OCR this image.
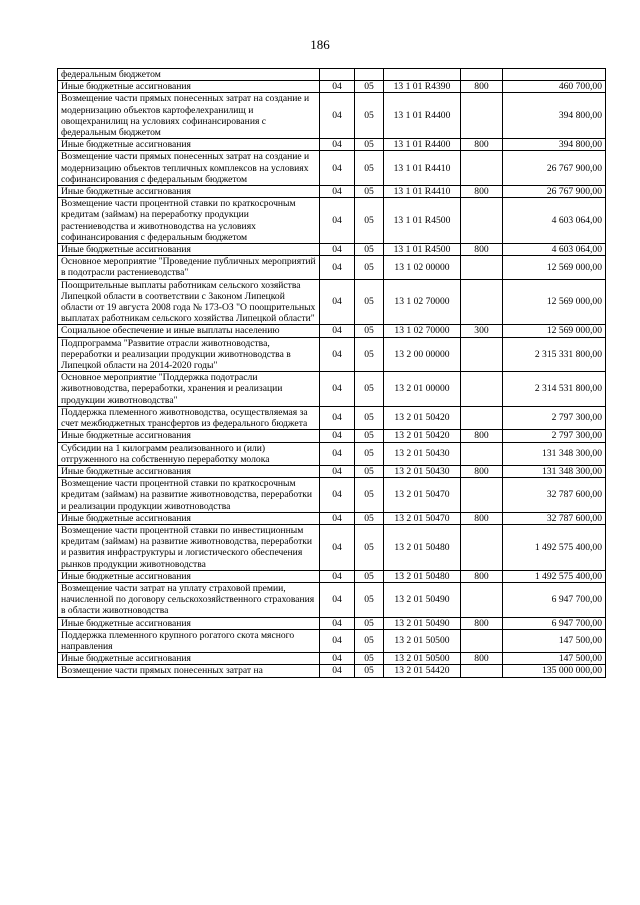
186
федеральным бюджетом					
Иные бюджетные ассигнования	04	05	13 1 01 R4390	800	460 700,00
Возмещение части прямых понесенных затрат на создание и модернизацию объектов картофелехранилищ и овощехранилищ на условиях софинансирования с федеральным бюджетом	04	05	13 1 01 R4400		394 800,00
Иные бюджетные ассигнования	04	05	13 1 01 R4400	800	394 800,00
Возмещение части прямых понесенных затрат на создание и модернизацию объектов тепличных комплексов на условиях софинансирования с федеральным бюджетом	04	05	13 1 01 R4410		26 767 900,00
Иные бюджетные ассигнования	04	05	13 1 01 R4410	800	26 767 900,00
Возмещение части процентной ставки по краткосрочным кредитам (займам) на переработку продукции растениеводства и животноводства на условиях софинансирования с федеральным бюджетом	04	05	13 1 01 R4500		4 603 064,00
Иные бюджетные ассигнования	04	05	13 1 01 R4500	800	4 603 064,00
Основное мероприятие "Проведение публичных мероприятий в подотрасли растениеводства"	04	05	13 1 02 00000		12 569 000,00
Поощрительные выплаты работникам сельского хозяйства Липецкой области в соответствии с Законом Липецкой области от 19 августа 2008 года № 173-ОЗ "О поощрительных выплатах работникам сельского хозяйства Липецкой области"	04	05	13 1 02 70000		12 569 000,00
Социальное обеспечение и иные выплаты населению	04	05	13 1 02 70000	300	12 569 000,00
Подпрограмма "Развитие отрасли животноводства, переработки и реализации продукции животноводства в Липецкой области на 2014-2020 годы"	04	05	13 2 00 00000		2 315 331 800,00
Основное мероприятие "Поддержка подотрасли животноводства, переработки, хранения и реализации продукции животноводства"	04	05	13 2 01 00000		2 314 531 800,00
Поддержка племенного животноводства, осуществляемая за счет межбюджетных трансфертов из федерального бюджета	04	05	13 2 01 50420		2 797 300,00
Иные бюджетные ассигнования	04	05	13 2 01 50420	800	2 797 300,00
Субсидии на 1 килограмм реализованного и (или) отгруженного на собственную переработку молока	04	05	13 2 01 50430		131 348 300,00
Иные бюджетные ассигнования	04	05	13 2 01 50430	800	131 348 300,00
Возмещение части процентной ставки по краткосрочным кредитам (займам) на развитие животноводства, переработки и реализации продукции животноводства	04	05	13 2 01 50470		32 787 600,00
Иные бюджетные ассигнования	04	05	13 2 01 50470	800	32 787 600,00
Возмещение части процентной ставки по инвестиционным кредитам (займам) на развитие животноводства, переработки и развития инфраструктуры и логистического обеспечения рынков продукции животноводства	04	05	13 2 01 50480		1 492 575 400,00
Иные бюджетные ассигнования	04	05	13 2 01 50480	800	1 492 575 400,00
Возмещение части затрат на уплату страховой премии, начисленной по договору сельскохозяйственного страхования в области животноводства	04	05	13 2 01 50490		6 947 700,00
Иные бюджетные ассигнования	04	05	13 2 01 50490	800	6 947 700,00
Поддержка племенного крупного рогатого скота мясного направления	04	05	13 2 01 50500		147 500,00
Иные бюджетные ассигнования	04	05	13 2 01 50500	800	147 500,00
Возмещение части прямых понесенных затрат на	04	05	13 2 01 54420		135 000 000,00
